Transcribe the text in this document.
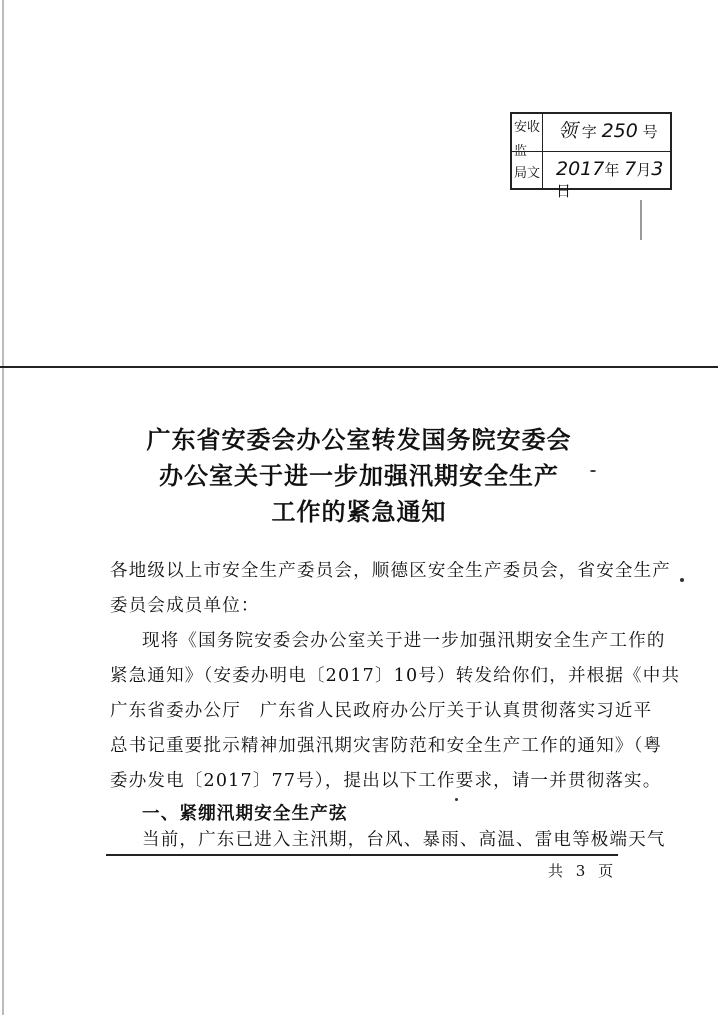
安收
监
局文
领 字 250 号
2017年 7月3 日
广东省安委会办公室转发国务院安委会
办公室关于进一步加强汛期安全生产
工作的紧急通知
各地级以上市安全生产委员会，顺德区安全生产委员会，省安全生产
委员会成员单位：
现将《国务院安委会办公室关于进一步加强汛期安全生产工作的
紧急通知》（安委办明电〔2017〕10号）转发给你们，并根据《中共
广东省委办公厅　广东省人民政府办公厅关于认真贯彻落实习近平
总书记重要批示精神加强汛期灾害防范和安全生产工作的通知》（粤
委办发电〔2017〕77号），提出以下工作要求，请一并贯彻落实。
一、紧绷汛期安全生产弦
当前，广东已进入主汛期，台风、暴雨、高温、雷电等极端天气
共 3 页
